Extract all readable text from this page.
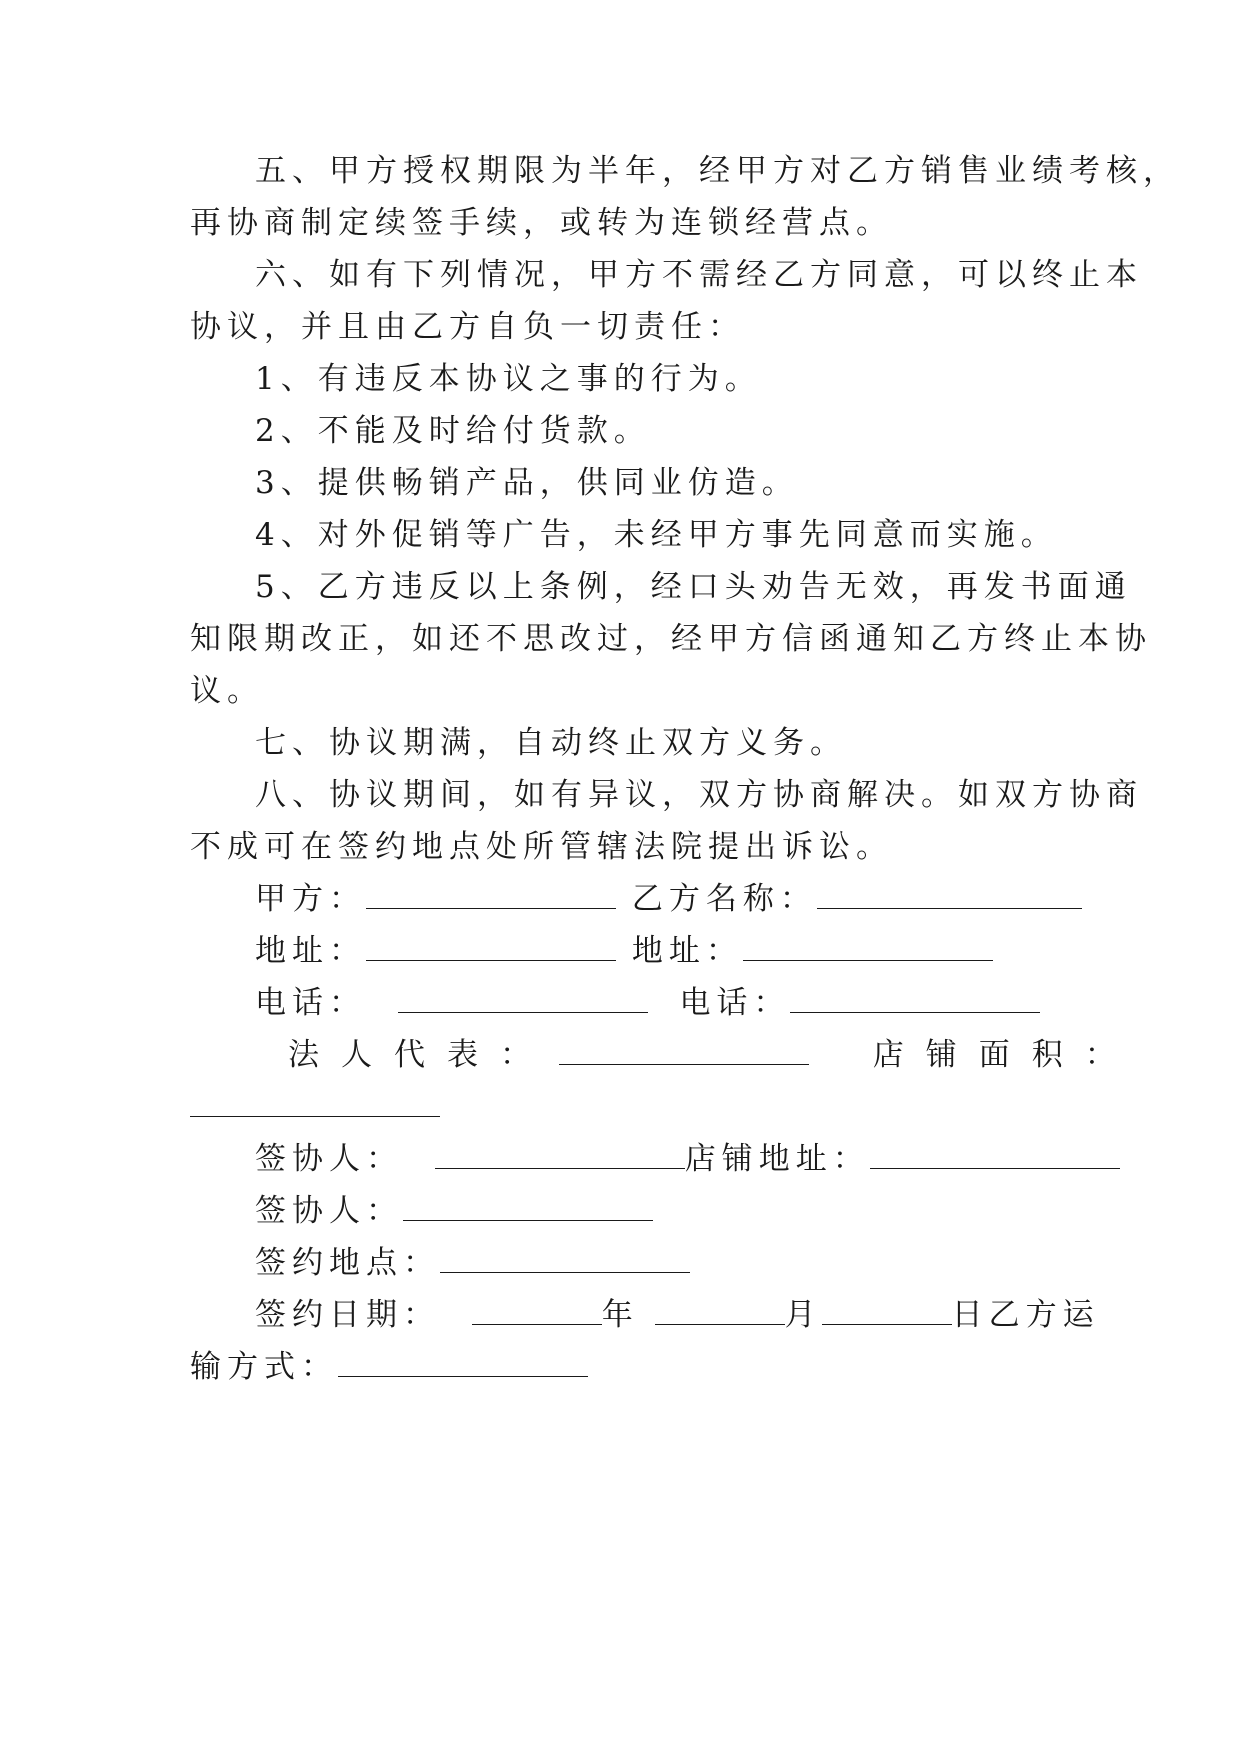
五、甲方授权期限为半年，经甲方对乙方销售业绩考核，
再协商制定续签手续，或转为连锁经营点。
六、如有下列情况，甲方不需经乙方同意，可以终止本
协议，并且由乙方自负一切责任：
1、有违反本协议之事的行为。
2、不能及时给付货款。
3、提供畅销产品，供同业仿造。
4、对外促销等广告，未经甲方事先同意而实施。
5、乙方违反以上条例，经口头劝告无效，再发书面通
知限期改正，如还不思改过，经甲方信函通知乙方终止本协
议。
七、协议期满，自动终止双方义务。
八、协议期间，如有异议，双方协商解决。如双方协商
不成可在签约地点处所管辖法院提出诉讼。
甲方：	乙方名称：
地址：	地址：
电话：	电话：
法人代表：	店铺面积：
签协人：	店铺地址：
签协人：
签约地点：
签约日期：	年	月	日乙方运
输方式：
